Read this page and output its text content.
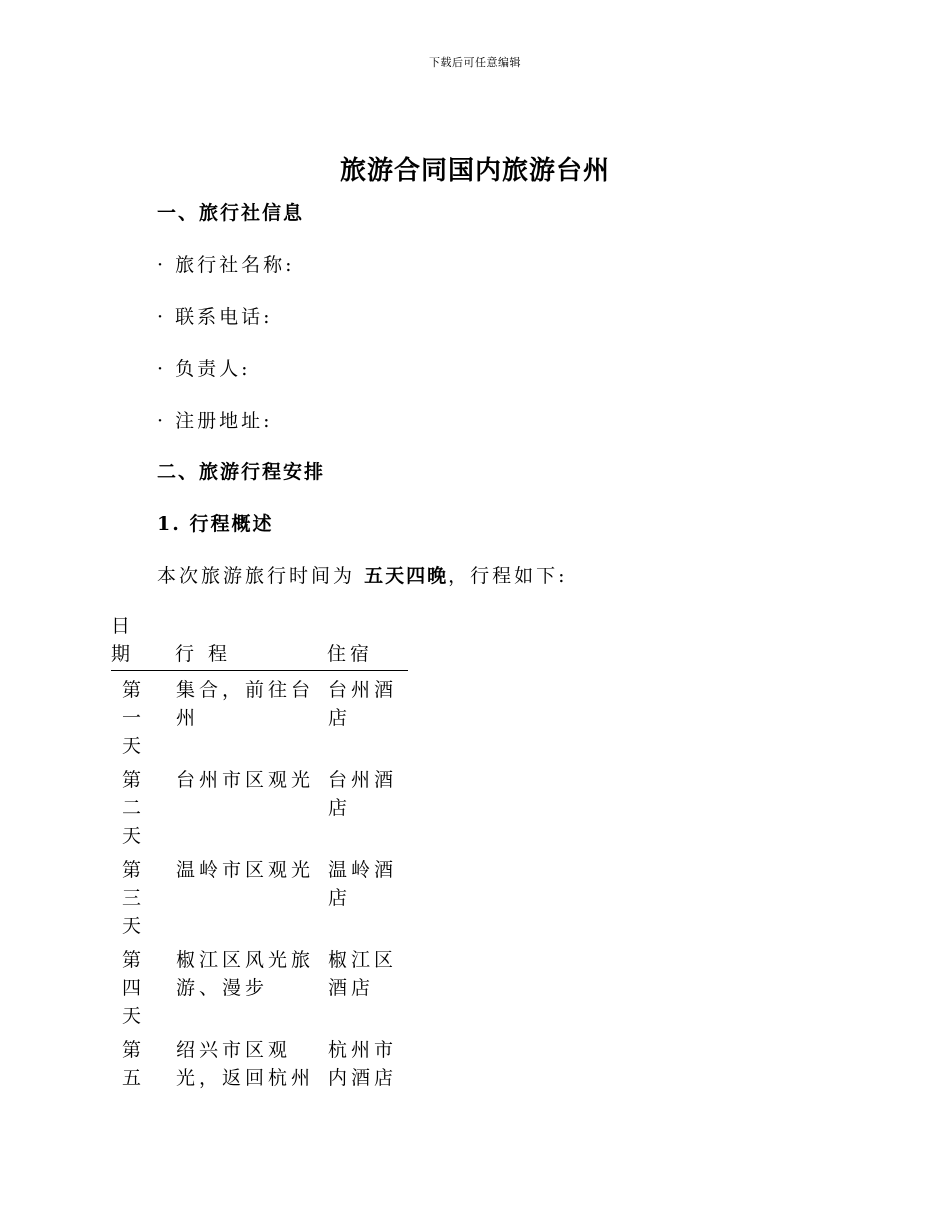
下载后可任意编辑
旅游合同国内旅游台州
一、旅行社信息
· 旅行社名称:
· 联系电话:
· 负责人:
· 注册地址:
二、旅游行程安排
1. 行程概述
本次旅游旅行时间为 五天四晚，行程如下:
日期 行 程	住宿
第一天
集合，前往台州
台州酒店
第二天
台州市区观光 台州酒店
第三天
温岭市区观光 温岭酒店
第四天
椒江区风光旅游、漫步
椒江区酒店
第五
绍兴市区观光，返回杭州
杭州市内酒店
